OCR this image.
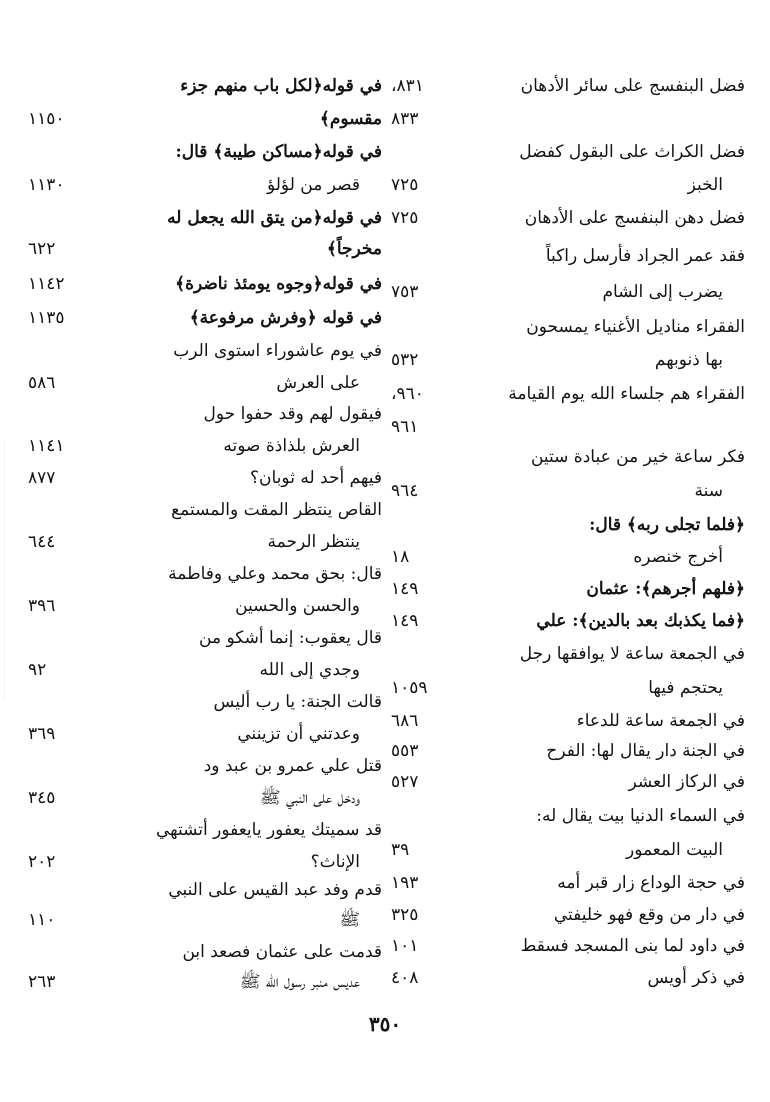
فضل البنفسج على سائر الأدهان
٨٣١،
٨٣٣
فضل الكراث على البقول كفضل
الخبز
٧٢٥
فضل دهن البنفسج على الأدهان
٧٢٥
فقد عمر الجراد فأرسل راكباً
يضرب إلى الشام
٧٥٣
الفقراء مناديل الأغنياء يمسحون
بها ذنوبهم
٥٣٢
الفقراء هم جلساء الله يوم القيامة
٩٦٠،
٩٦١
فكر ساعة خير من عبادة ستين
سنة
٩٦٤
﴿فلما تجلى ربه﴾ قال:
أخرج خنصره
١٨
﴿فلهم أجرهم﴾: عثمان
١٤٩
﴿فما يكذبك بعد بالدين﴾: علي
١٤٩
في الجمعة ساعة لا يوافقها رجل
يحتجم فيها
١٠٥٩
في الجمعة ساعة للدعاء
٦٨٦
في الجنة دار يقال لها: الفرح
٥٥٣
في الركاز العشر
٥٢٧
في السماء الدنيا بيت يقال له:
البيت المعمور
٣٩
في حجة الوداع زار قبر أمه
١٩٣
في دار من وقع فهو خليفتي
٣٢٥
في داود لما بنى المسجد فسقط
١٠١
في ذكر أويس
٤٠٨
في قوله﴿لكل باب منهم جزء
مقسوم﴾
١١٥٠
في قوله﴿مساكن طيبة﴾ قال:
قصر من لؤلؤ
١١٣٠
في قوله﴿من يتق الله يجعل له
مخرجاً﴾
٦٢٢
في قوله﴿وجوه يومئذ ناضرة﴾
١١٤٢
في قوله ﴿وفرش مرفوعة﴾
١١٣٥
في يوم عاشوراء استوى الرب
على العرش
٥٨٦
فيقول لهم وقد حفوا حول
العرش بلذاذة صوته
١١٤١
فيهم أحد له ثوبان؟
٨٧٧
القاص ينتظر المقت والمستمع
ينتظر الرحمة
٦٤٤
قال: بحق محمد وعلي وفاطمة
والحسن والحسين
٣٩٦
قال يعقوب: إنما أشكو من
وجدي إلى الله
٩٢
قالت الجنة: يا رب أليس
وعدتني أن تزينني
٣٦٩
قتل علي عمرو بن عبد ود
ودخل على النبي ﷺ
٣٤٥
قد سميتك يعفور يايعفور أتشتهي
الإناث؟
٢٠٢
قدم وفد عبد القيس على النبي
ﷺ
١١٠
قدمت على عثمان فصعد ابن
عديس منبر رسول الله ﷺ
٢٦٣
٣٥٠
